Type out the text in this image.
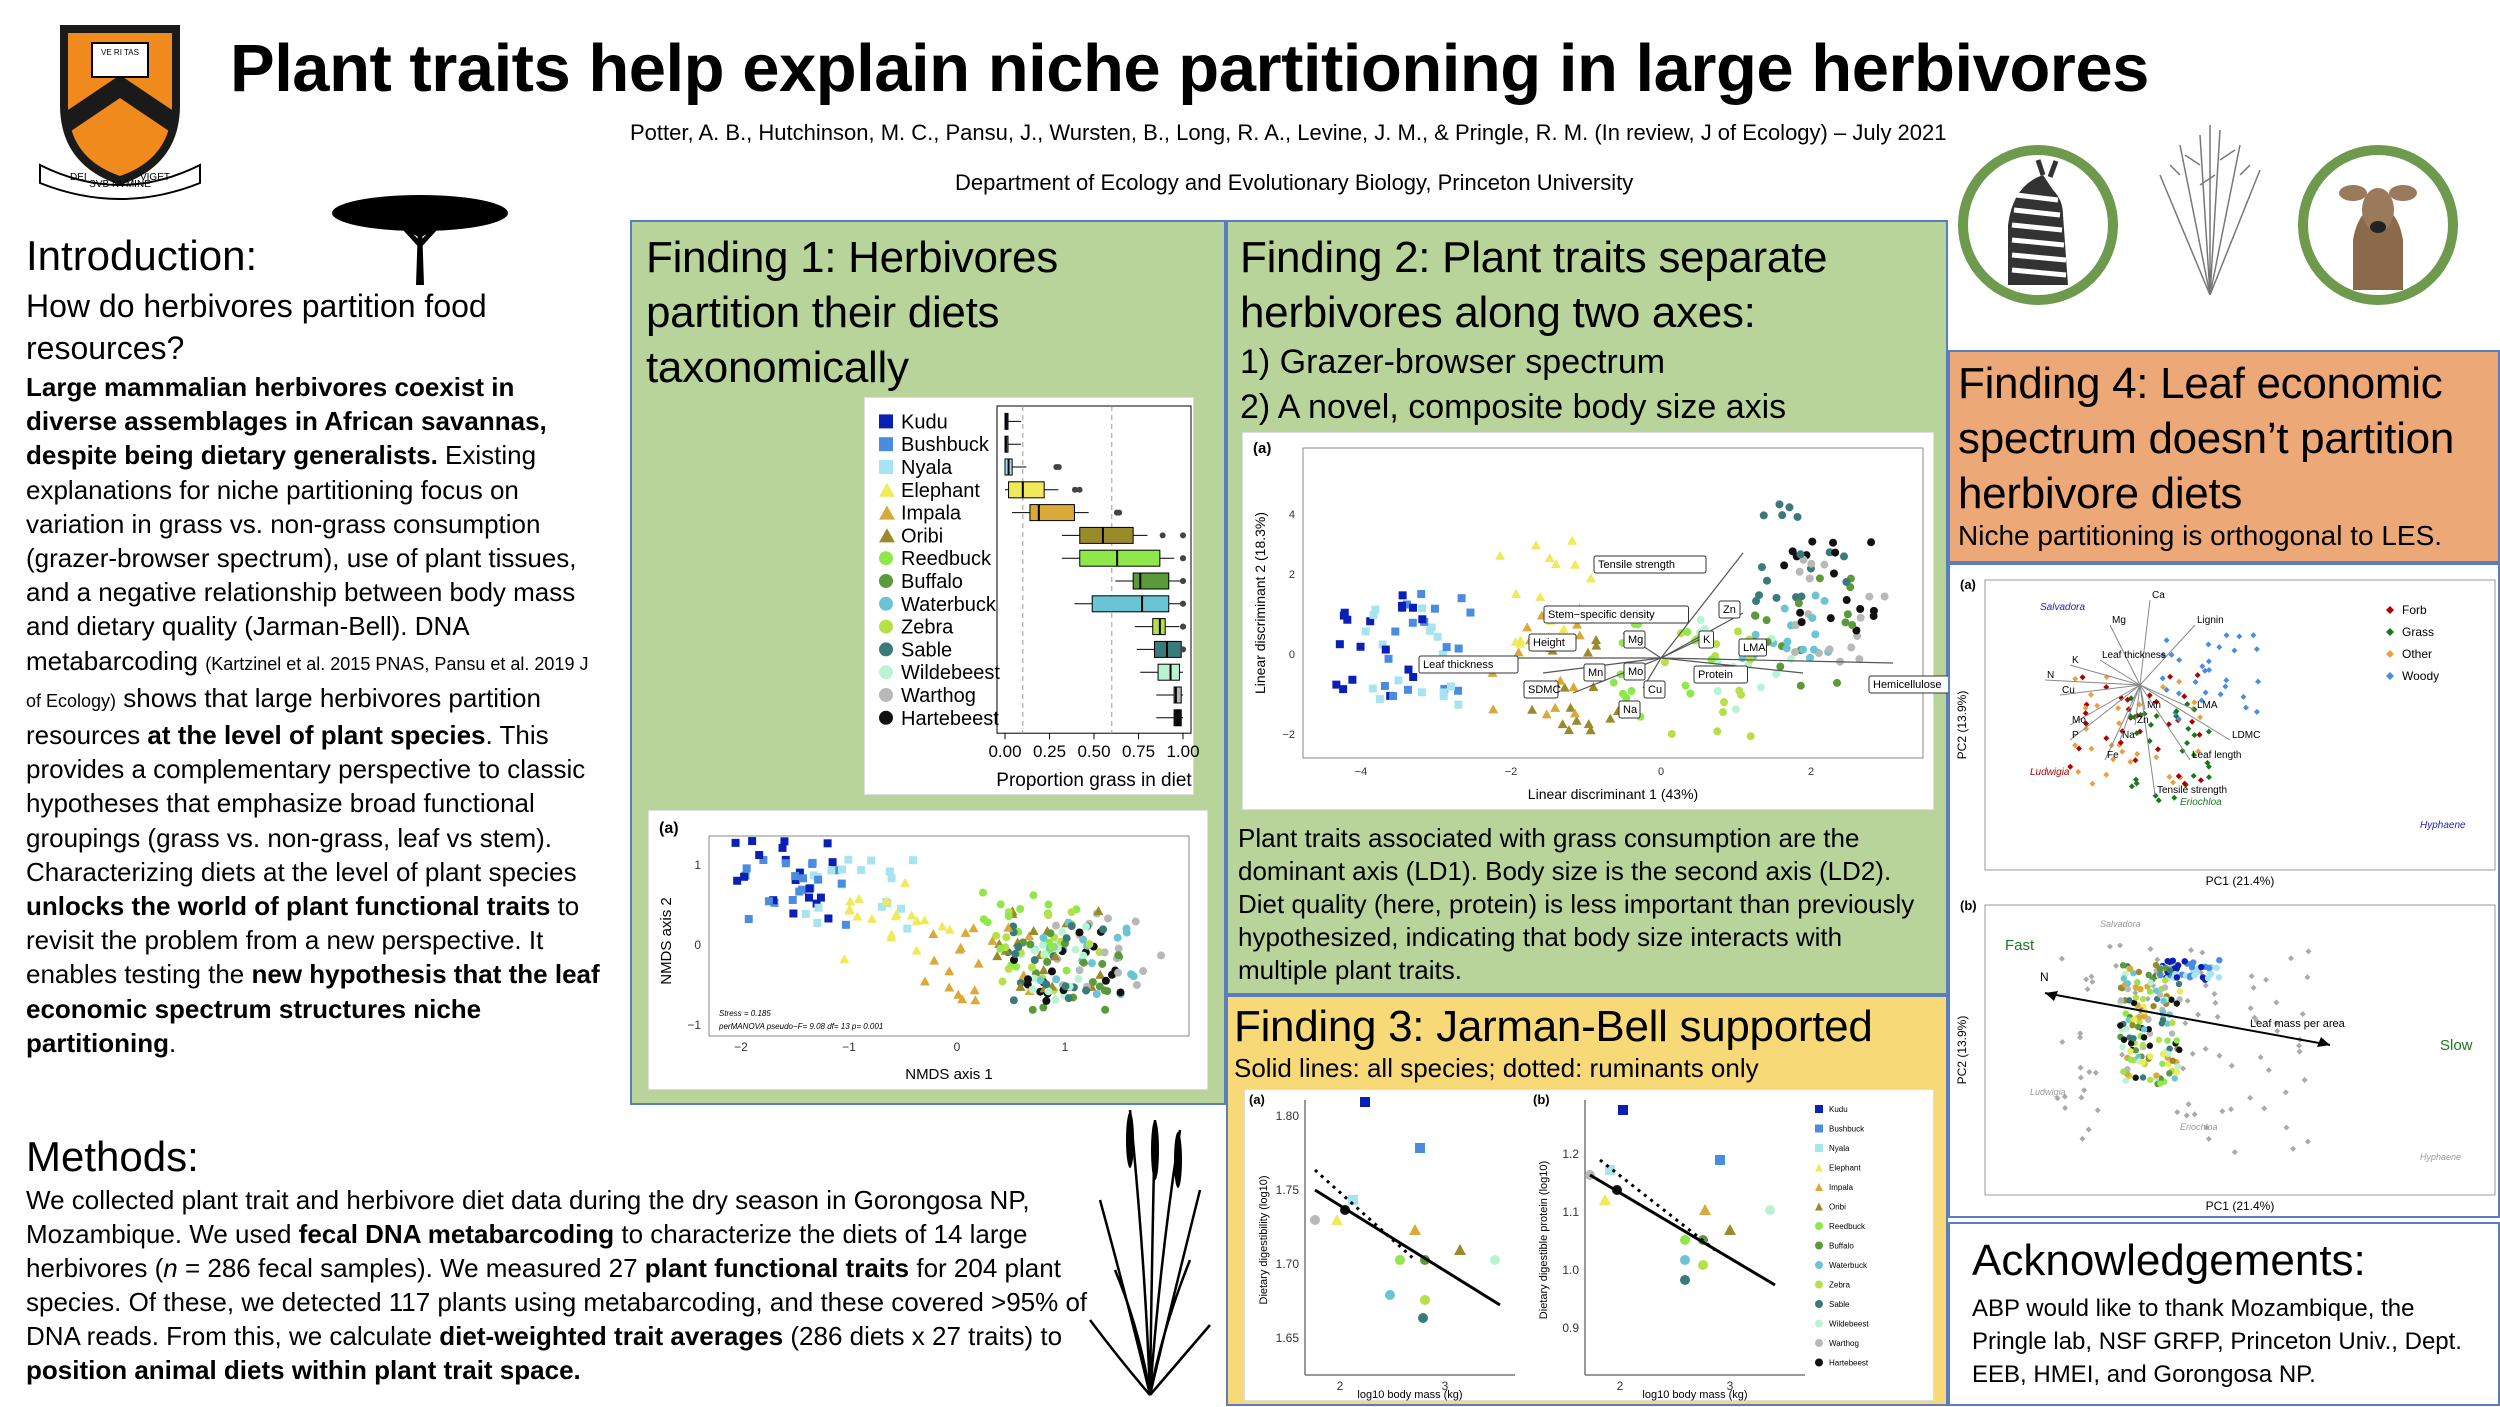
VE RI TAS
DEI
SVB NVMINE
VIGET
Plant traits help explain niche partitioning in large herbivores
Potter, A. B., Hutchinson, M. C., Pansu, J., Wursten, B., Long, R. A., Levine, J. M., & Pringle, R. M. (In review, J of Ecology) – July 2021
Department of Ecology and Evolutionary Biology, Princeton University
Introduction:
How do herbivores partition food resources?
Large mammalian herbivores coexist in diverse assemblages in African savannas, despite being dietary generalists. Existing explanations for niche partitioning focus on variation in grass vs. non-grass consumption (grazer-browser spectrum), use of plant tissues, and a negative relationship between body mass and dietary quality (Jarman-Bell). DNA metabarcoding (Kartzinel et al. 2015 PNAS, Pansu et al. 2019 J of Ecology) shows that large herbivores partition resources at the level of plant species. This provides a complementary perspective to classic hypotheses that emphasize broad functional groupings (grass vs. non-grass, leaf vs stem). Characterizing diets at the level of plant species unlocks the world of plant functional traits to revisit the problem from a new perspective. It enables testing the new hypothesis that the leaf economic spectrum structures niche partitioning.
Methods:
We collected plant trait and herbivore diet data during the dry season in Gorongosa NP, Mozambique. We used fecal DNA metabarcoding to characterize the diets of 14 large herbivores (n = 286 fecal samples). We measured 27 plant functional traits for 204 plant species. Of these, we detected 117 plants using metabarcoding, and these covered >95% of DNA reads. From this, we calculate diet-weighted trait averages (286 diets x 27 traits) to position animal diets within plant trait space.
Finding 1: Herbivores partition their diets taxonomically
Kudu
Bushbuck
Nyala
Elephant
Impala
Oribi
Reedbuck
Buffalo
Waterbuck
Zebra
Sable
Wildebeest
Warthog
Hartebeest
0.00 0.25 0.50 0.75 1.00
Proportion grass in diet
(a)
NMDS axis 1
NMDS axis 2
Stress = 0.185
perMANOVA pseudo−F= 9.08 df= 13 p= 0.001
−2	−1	0	1
1
0
−1
Finding 2: Plant traits separate herbivores along two axes:
1) Grazer-browser spectrum
2) A novel, composite body size axis
(a)
Linear discriminant 1 (43%)
Linear discriminant 2 (18.3%)
−4	−2	0	2
4
2
0
−2
Tensile strength
Stem−specific density	Zn
Height	Mg	K
LMA
Leaf thickness
Mn Mo	Protein
Hemicellulose
SDMC	Cu
Na
Plant traits associated with grass consumption are the dominant axis (LD1). Body size is the second axis (LD2). Diet quality (here, protein) is less important than previously hypothesized, indicating that body size interacts with multiple plant traits.
Finding 3: Jarman-Bell supported
Solid lines: all species; dotted: ruminants only
(a)	(b)
log10 body mass (kg)	log10 body mass (kg)
Dietary digestibility (log10)	Dietary digestible protein (log10)
1.65
1.70
1.75
1.80
0.9
1.0
1.1
1.2
2	3	2	3
Kudu
Bushbuck
Nyala
Elephant
Impala
Oribi
Reedbuck
Buffalo
Waterbuck
Zebra
Sable
Wildebeest
Warthog
Hartebeest
Finding 4: Leaf economic spectrum doesn’t partition herbivore diets
Niche partitioning is orthogonal to LES.
(a)
(b)
PC1 (21.4%)
PC1 (21.4%)
PC2 (13.9%)
PC2 (13.9%)
Ca
Mg	Lignin
Leaf thickness
K
N
Cu
Mo	Zn
Na
Mn
P
Fe
LMA
LDMC
Leaf length
Tensile strength
Forb
Grass
Other
Woody
Salvadora
Ludwigia
Eriochloa
Hyphaene
Fast
Slow
N
Leaf mass per area
Salvadora
Ludwigia
Eriochloa
Hyphaene
Acknowledgements:
ABP would like to thank Mozambique, the Pringle lab, NSF GRFP, Princeton Univ., Dept. EEB, HMEI, and Gorongosa NP.
